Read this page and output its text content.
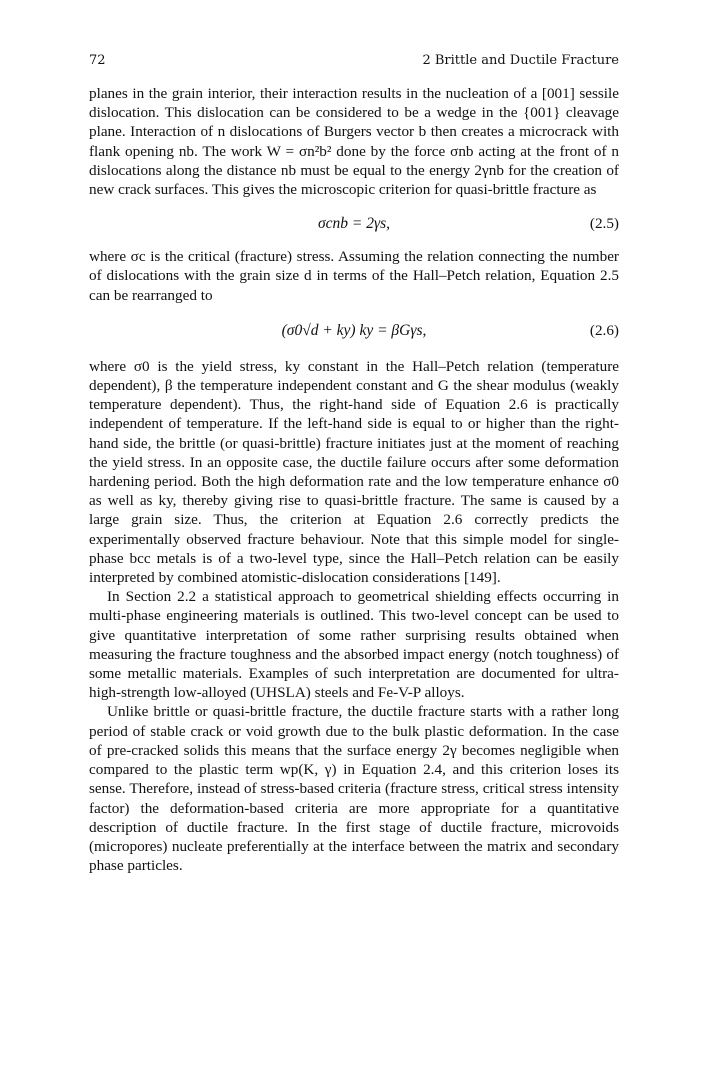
72	2 Brittle and Ductile Fracture

planes in the grain interior, their interaction results in the nucleation of a [001] sessile dislocation. This dislocation can be considered to be a wedge in the {001} cleavage plane. Interaction of n dislocations of Burgers vector b then creates a microcrack with flank opening nb. The work W = σn²b² done by the force σnb acting at the front of n dislocations along the distance nb must be equal to the energy 2γnb for the creation of new crack surfaces. This gives the microscopic criterion for quasi-brittle fracture as

σcnb = 2γs,	(2.5)

where σc is the critical (fracture) stress. Assuming the relation connecting the number of dislocations with the grain size d in terms of the Hall–Petch relation, Equation 2.5 can be rearranged to

(σ0√d + ky) ky = βGγs,	(2.6)

where σ0 is the yield stress, ky constant in the Hall–Petch relation (temperature dependent), β the temperature independent constant and G the shear modulus (weakly temperature dependent). Thus, the right-hand side of Equation 2.6 is practically independent of temperature. If the left-hand side is equal to or higher than the right-hand side, the brittle (or quasi-brittle) fracture initiates just at the moment of reaching the yield stress. In an opposite case, the ductile failure occurs after some deformation hardening period. Both the high deformation rate and the low temperature enhance σ0 as well as ky, thereby giving rise to quasi-brittle fracture. The same is caused by a large grain size. Thus, the criterion at Equation 2.6 correctly predicts the experimentally observed fracture behaviour. Note that this simple model for single-phase bcc metals is of a two-level type, since the Hall–Petch relation can be easily interpreted by combined atomistic-dislocation considerations [149].

In Section 2.2 a statistical approach to geometrical shielding effects occurring in multi-phase engineering materials is outlined. This two-level concept can be used to give quantitative interpretation of some rather surprising results obtained when measuring the fracture toughness and the absorbed impact energy (notch toughness) of some metallic materials. Examples of such interpretation are documented for ultra-high-strength low-alloyed (UHSLA) steels and Fe-V-P alloys.

Unlike brittle or quasi-brittle fracture, the ductile fracture starts with a rather long period of stable crack or void growth due to the bulk plastic deformation. In the case of pre-cracked solids this means that the surface energy 2γ becomes negligible when compared to the plastic term wp(K, γ) in Equation 2.4, and this criterion loses its sense. Therefore, instead of stress-based criteria (fracture stress, critical stress intensity factor) the deformation-based criteria are more appropriate for a quantitative description of ductile fracture. In the first stage of ductile fracture, microvoids (micropores) nucleate preferentially at the interface between the matrix and secondary phase particles.
